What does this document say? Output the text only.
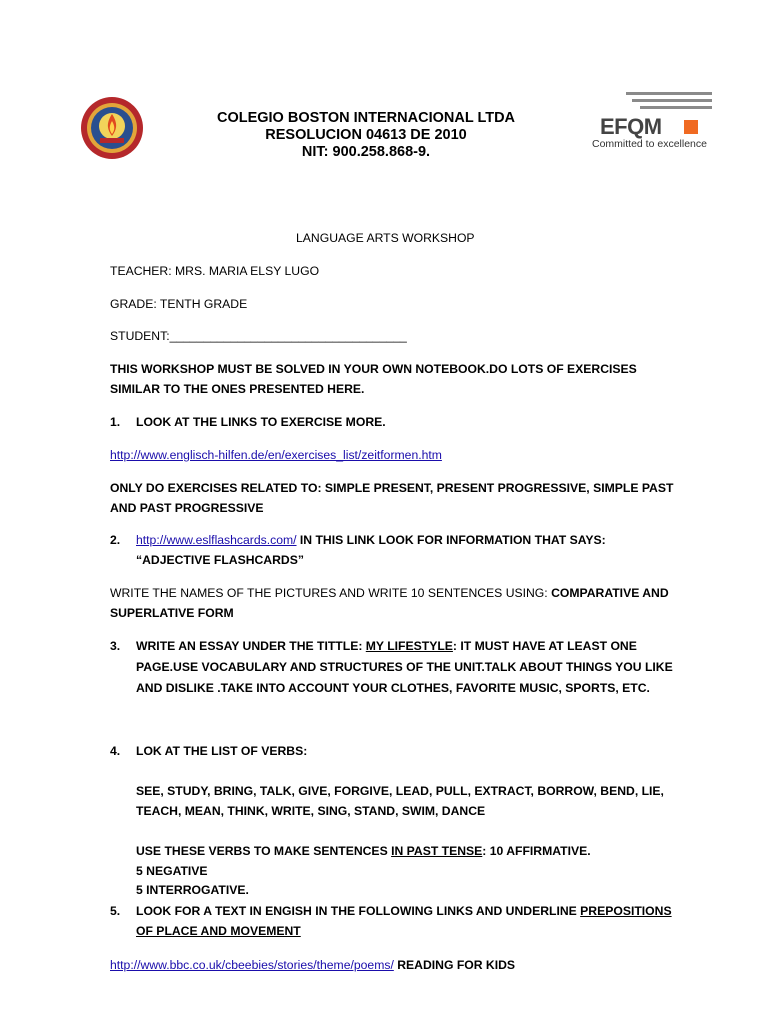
COLEGIO BOSTON INTERNACIONAL LTDA
RESOLUCION 04613 DE 2010
NIT: 900.258.868-9.
EFQM
Committed to excellence
LANGUAGE ARTS WORKSHOP
TEACHER: MRS. MARIA ELSY LUGO
GRADE: TENTH GRADE
STUDENT:___________________________________
THIS WORKSHOP MUST BE SOLVED IN YOUR OWN NOTEBOOK.DO LOTS OF EXERCISES
SIMILAR TO THE ONES PRESENTED HERE.
1. LOOK AT THE LINKS TO EXERCISE MORE.
http://www.englisch-hilfen.de/en/exercises_list/zeitformen.htm
ONLY DO EXERCISES RELATED TO: SIMPLE PRESENT, PRESENT PROGRESSIVE, SIMPLE PAST
AND PAST PROGRESSIVE
2. http://www.eslflashcards.com/ IN THIS LINK LOOK FOR INFORMATION THAT SAYS:
“ADJECTIVE FLASHCARDS”
WRITE THE NAMES OF THE PICTURES AND WRITE 10 SENTENCES USING: COMPARATIVE AND
SUPERLATIVE FORM
3. WRITE AN ESSAY UNDER THE TITTLE: MY LIFESTYLE: IT MUST HAVE AT LEAST ONE
PAGE.USE VOCABULARY AND STRUCTURES OF THE UNIT.TALK ABOUT THINGS YOU LIKE
AND DISLIKE .TAKE INTO ACCOUNT YOUR CLOTHES, FAVORITE MUSIC, SPORTS, ETC.
4. LOK AT THE LIST OF VERBS:
SEE, STUDY, BRING, TALK, GIVE, FORGIVE, LEAD, PULL, EXTRACT, BORROW, BEND, LIE,
TEACH, MEAN, THINK, WRITE, SING, STAND, SWIM, DANCE
USE THESE VERBS TO MAKE SENTENCES IN PAST TENSE: 10 AFFIRMATIVE.
5 NEGATIVE
5 INTERROGATIVE.
5. LOOK FOR A TEXT IN ENGISH IN THE FOLLOWING LINKS AND UNDERLINE PREPOSITIONS
OF PLACE AND MOVEMENT
http://www.bbc.co.uk/cbeebies/stories/theme/poems/ READING FOR KIDS
